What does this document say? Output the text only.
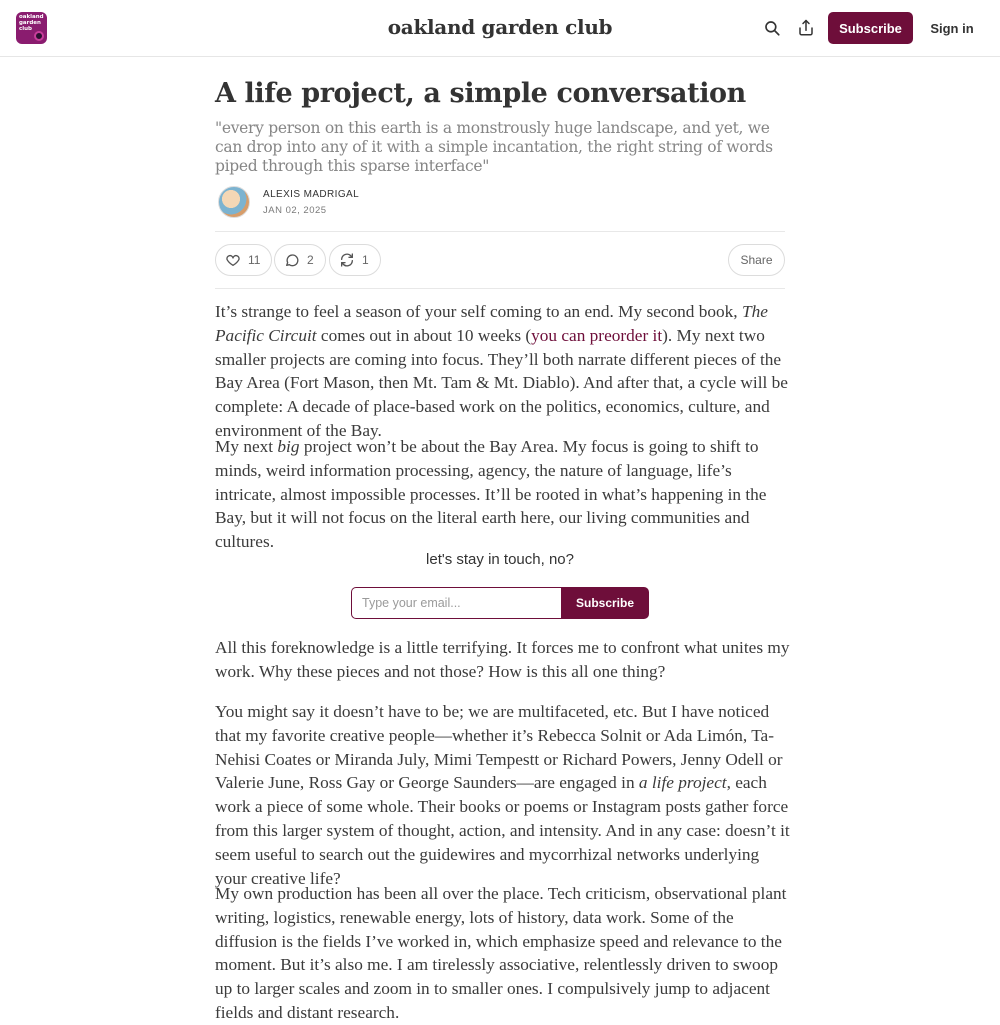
oakland
garden
club	oakland garden club	Subscribe	Sign in
A life project, a simple conversation
"every person on this earth is a monstrously huge landscape, and yet, we can drop into any of it with a simple incantation, the right string of words piped through this sparse interface"
ALEXIS MADRIGAL
JAN 02, 2025
11	2	1	Share

It’s strange to feel a season of your self coming to an end. My second book, The Pacific Circuit comes out in about 10 weeks (you can preorder it). My next two smaller projects are coming into focus. They’ll both narrate different pieces of the Bay Area (Fort Mason, then Mt. Tam & Mt. Diablo). And after that, a cycle will be complete: A decade of place-based work on the politics, economics, culture, and environment of the Bay.

My next big project won’t be about the Bay Area. My focus is going to shift to minds, weird information processing, agency, the nature of language, life’s intricate, almost impossible processes. It’ll be rooted in what’s happening in the Bay, but it will not focus on the literal earth here, our living communities and cultures.

let's stay in touch, no?
Type your email...
Subscribe

All this foreknowledge is a little terrifying. It forces me to confront what unites my work. Why these pieces and not those? How is this all one thing?

You might say it doesn’t have to be; we are multifaceted, etc. But I have noticed that my favorite creative people—whether it’s Rebecca Solnit or Ada Limón, Ta-Nehisi Coates or Miranda July, Mimi Tempestt or Richard Powers, Jenny Odell or Valerie June, Ross Gay or George Saunders—are engaged in a life project, each work a piece of some whole. Their books or poems or Instagram posts gather force from this larger system of thought, action, and intensity. And in any case: doesn’t it seem useful to search out the guidewires and mycorrhizal networks underlying your creative life?

My own production has been all over the place. Tech criticism, observational plant writing, logistics, renewable energy, lots of history, data work. Some of the diffusion is the fields I’ve worked in, which emphasize speed and relevance to the moment. But it’s also me. I am tirelessly associative, relentlessly driven to swoop up to larger scales and zoom in to smaller ones. I compulsively jump to adjacent fields and distant research.
